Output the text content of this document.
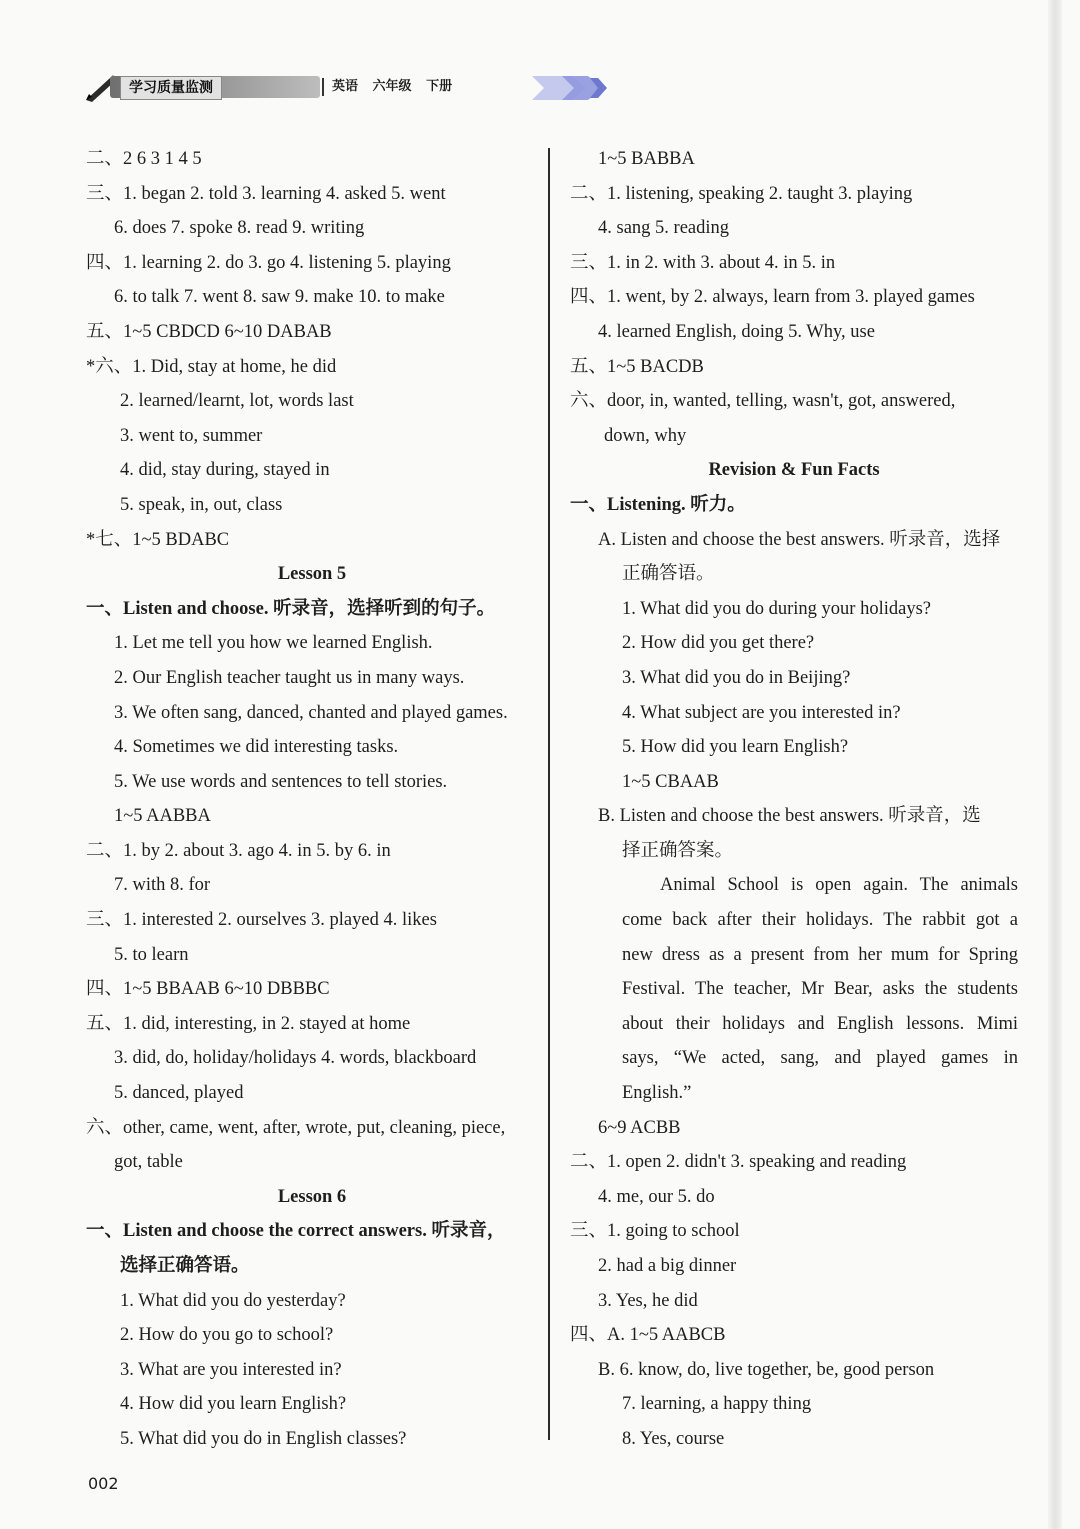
学习质量监测	英语 六年级 下册
二、2 6 3 1 4 5
三、1. began 2. told 3. learning 4. asked 5. went
6. does 7. spoke 8. read 9. writing
四、1. learning 2. do 3. go 4. listening 5. playing
6. to talk 7. went 8. saw 9. make 10. to make
五、1~5 CBDCD 6~10 DABAB
*六、1. Did, stay at home, he did
2. learned/learnt, lot, words last
3. went to, summer
4. did, stay during, stayed in
5. speak, in, out, class
*七、1~5 BDABC
Lesson 5
一、Listen and choose. 听录音，选择听到的句子。
1. Let me tell you how we learned English.
2. Our English teacher taught us in many ways.
3. We often sang, danced, chanted and played games.
4. Sometimes we did interesting tasks.
5. We use words and sentences to tell stories.
1~5 AABBA
二、1. by 2. about 3. ago 4. in 5. by 6. in
7. with 8. for
三、1. interested 2. ourselves 3. played 4. likes
5. to learn
四、1~5 BBAAB 6~10 DBBBC
五、1. did, interesting, in 2. stayed at home
3. did, do, holiday/holidays 4. words, blackboard
5. danced, played
六、other, came, went, after, wrote, put, cleaning, piece,
got, table
Lesson 6
一、Listen and choose the correct answers. 听录音，
选择正确答语。
1. What did you do yesterday?
2. How do you go to school?
3. What are you interested in?
4. How did you learn English?
5. What did you do in English classes?
1~5 BABBA
二、1. listening, speaking 2. taught 3. playing
4. sang 5. reading
三、1. in 2. with 3. about 4. in 5. in
四、1. went, by 2. always, learn from 3. played games
4. learned English, doing 5. Why, use
五、1~5 BACDB
六、door, in, wanted, telling, wasn't, got, answered,
down, why
Revision & Fun Facts
一、Listening. 听力。
A. Listen and choose the best answers. 听录音，选择
正确答语。
1. What did you do during your holidays?
2. How did you get there?
3. What did you do in Beijing?
4. What subject are you interested in?
5. How did you learn English?
1~5 CBAAB
B. Listen and choose the best answers. 听录音，选
择正确答案。
Animal School is open again. The animals
come back after their holidays. The rabbit got a
new dress as a present from her mum for Spring
Festival. The teacher, Mr Bear, asks the students
about their holidays and English lessons. Mimi
says, “We acted, sang, and played games in
English.”
6~9 ACBB
二、1. open 2. didn't 3. speaking and reading
4. me, our 5. do
三、1. going to school
2. had a big dinner
3. Yes, he did
四、A. 1~5 AABCB
B. 6. know, do, live together, be, good person
7. learning, a happy thing
8. Yes, course
002
